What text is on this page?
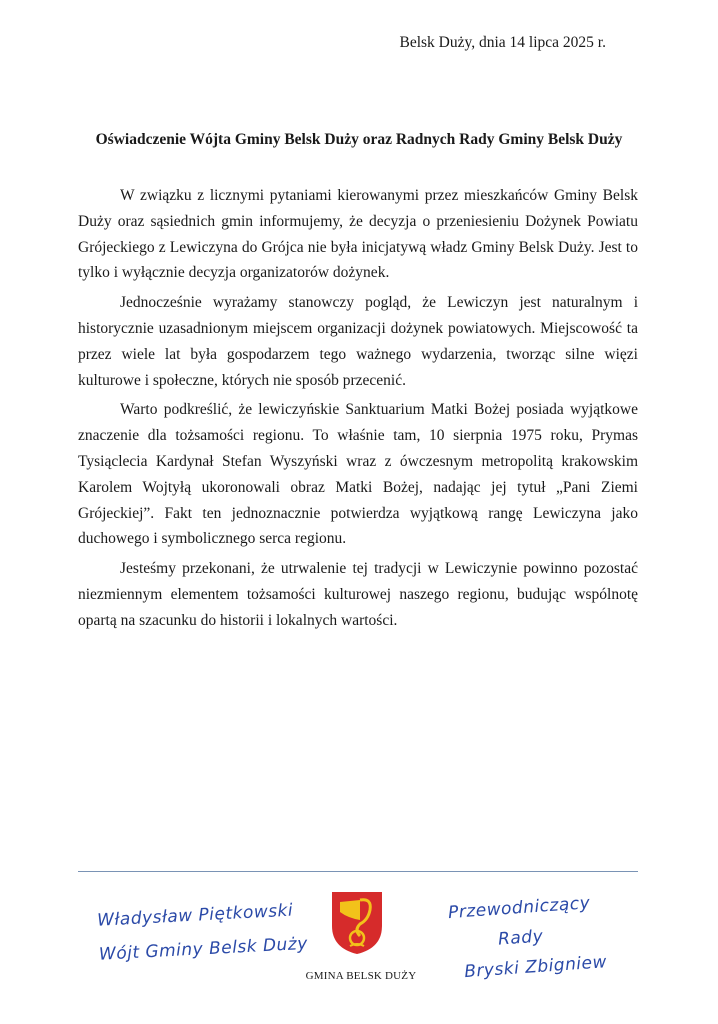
Belsk Duży, dnia 14 lipca 2025 r.
Oświadczenie Wójta Gminy Belsk Duży oraz Radnych Rady Gminy Belsk Duży

W związku z licznymi pytaniami kierowanymi przez mieszkańców Gminy Belsk Duży oraz sąsiednich gmin informujemy, że decyzja o przeniesieniu Dożynek Powiatu Grójeckiego z Lewiczyna do Grójca nie była inicjatywą władz Gminy Belsk Duży. Jest to tylko i wyłącznie decyzja organizatorów dożynek.

Jednocześnie wyrażamy stanowczy pogląd, że Lewiczyn jest naturalnym i historycznie uzasadnionym miejscem organizacji dożynek powiatowych. Miejscowość ta przez wiele lat była gospodarzem tego ważnego wydarzenia, tworząc silne więzi kulturowe i społeczne, których nie sposób przecenić.

Warto podkreślić, że lewiczyńskie Sanktuarium Matki Bożej posiada wyjątkowe znaczenie dla tożsamości regionu. To właśnie tam, 10 sierpnia 1975 roku, Prymas Tysiąclecia Kardynał Stefan Wyszyński wraz z ówczesnym metropolitą krakowskim Karolem Wojtyłą ukoronowali obraz Matki Bożej, nadając jej tytuł „Pani Ziemi Grójeckiej”. Fakt ten jednoznacznie potwierdza wyjątkową rangę Lewiczyna jako duchowego i symbolicznego serca regionu.

Jesteśmy przekonani, że utrwalenie tej tradycji w Lewiczynie powinno pozostać niezmiennym elementem tożsamości kulturowej naszego regionu, budując wspólnotę opartą na szacunku do historii i lokalnych wartości.

Władysław Piętkowski
Wójt Gminy Belsk Duży
GMINA BELSK DUŻY
Przewodniczący
Rady
Bryski Zbigniew
